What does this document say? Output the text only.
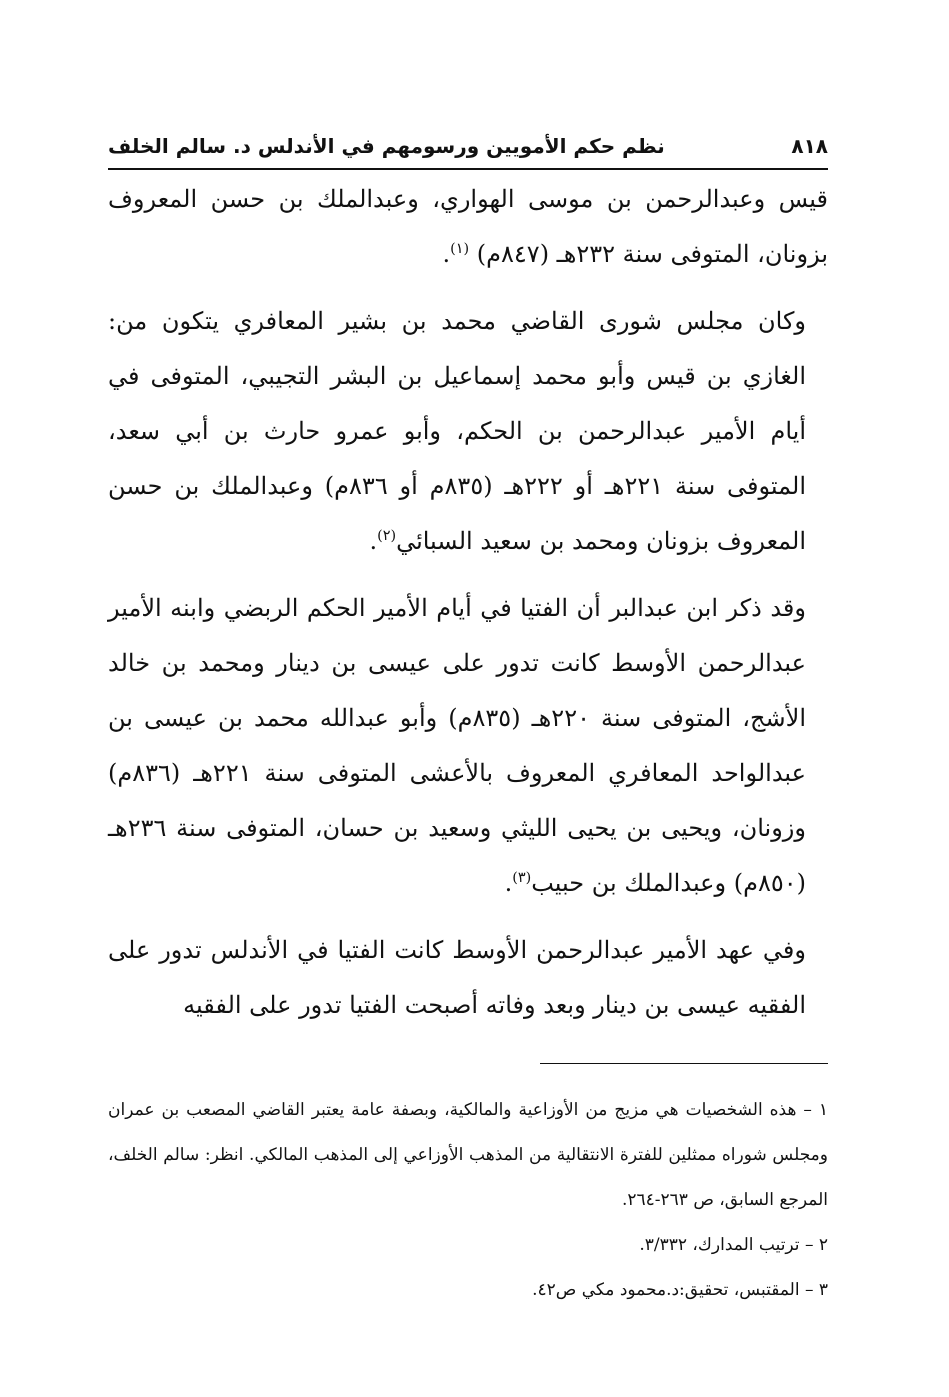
٨١٨
نظم حكم الأمويين ورسومهم في الأندلس د. سالم الخلف

قيس وعبدالرحمن بن موسى الهواري، وعبدالملك بن حسن المعروف بزونان، المتوفى سنة ٢٣٢هـ (٨٤٧م) $^{(١)}$.

وكان مجلس شورى القاضي محمد بن بشير المعافري يتكون من: الغازي بن قيس وأبو محمد إسماعيل بن البشر التجيبي، المتوفى في أيام الأمير عبدالرحمن بن الحكم، وأبو عمرو حارث بن أبي سعد، المتوفى سنة ٢٢١هـ أو ٢٢٢هـ (٨٣٥م أو ٨٣٦م) وعبدالملك بن حسن المعروف بزونان ومحمد بن سعيد السبائي$^{(٢)}$.

وقد ذكر ابن عبدالبر أن الفتيا في أيام الأمير الحكم الربضي وابنه الأمير عبدالرحمن الأوسط كانت تدور على عيسى بن دينار ومحمد بن خالد الأشج، المتوفى سنة ٢٢٠هـ (٨٣٥م) وأبو عبدالله محمد بن عيسى بن عبدالواحد المعافري المعروف بالأعشى المتوفى سنة ٢٢١هـ (٨٣٦م) وزونان، ويحيى بن يحيى الليثي وسعيد بن حسان، المتوفى سنة ٢٣٦هـ (٨٥٠م) وعبدالملك بن حبيب$^{(٣)}$.

وفي عهد الأمير عبدالرحمن الأوسط كانت الفتيا في الأندلس تدور على الفقيه عيسى بن دينار وبعد وفاته أصبحت الفتيا تدور على الفقيه

١ – هذه الشخصيات هي مزيج من الأوزاعية والمالكية، وبصفة عامة يعتبر القاضي المصعب بن عمران ومجلس شوراه ممثلين للفترة الانتقالية من المذهب الأوزاعي إلى المذهب المالكي. انظر: سالم الخلف، المرجع السابق، ص ٢٦٣-٢٦٤.

٢ – ترتيب المدارك، ٣/٣٣٢.

٣ – المقتبس، تحقيق:د.محمود مكي ص٤٢.
